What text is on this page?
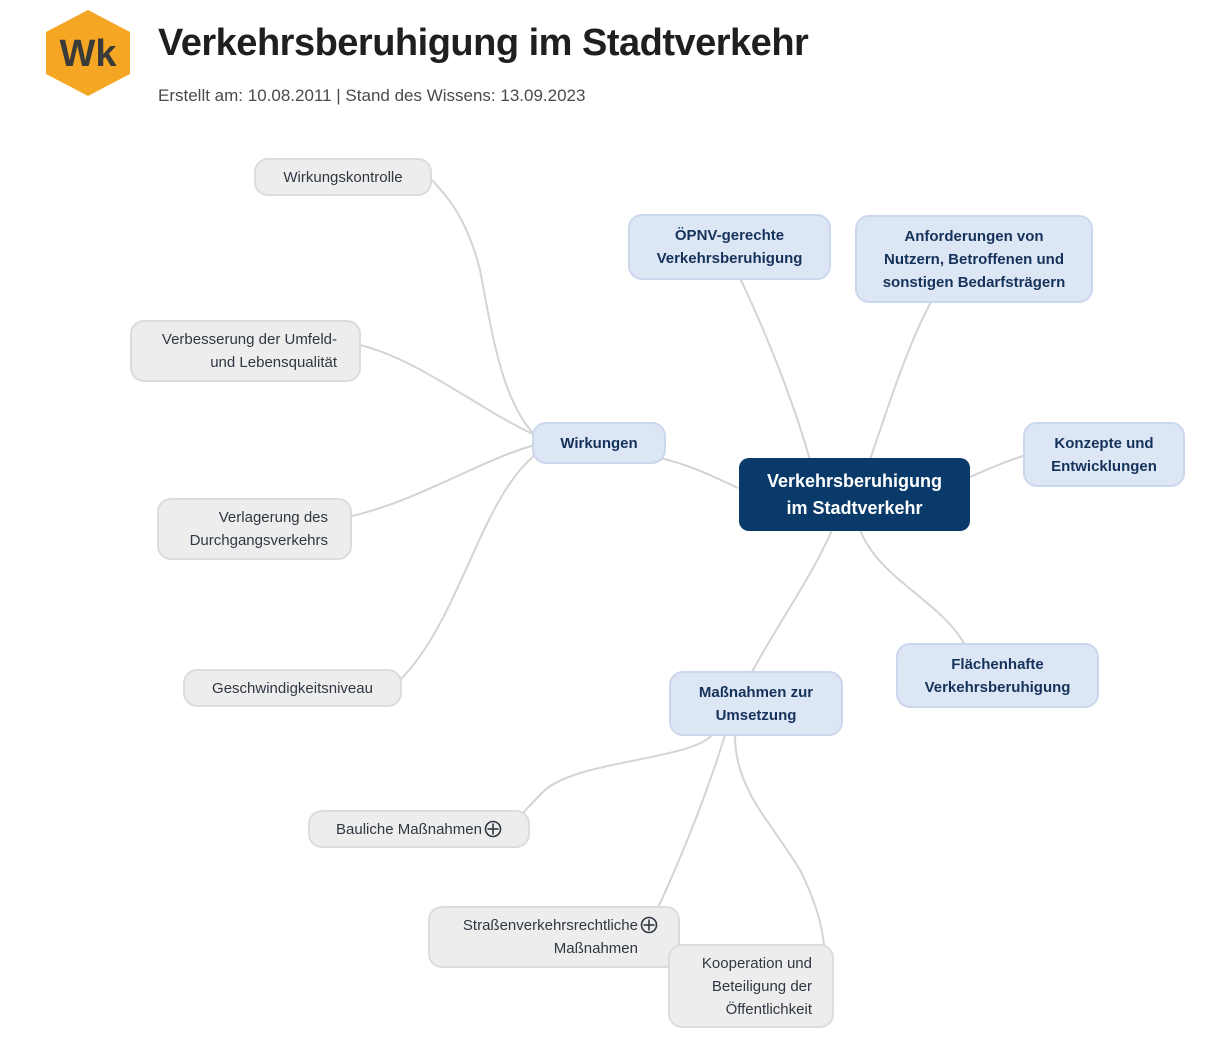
Wk Verkehrsberuhigung im Stadtverkehr
Erstellt am: 10.08.2011 | Stand des Wissens: 13.09.2023
Verkehrsberuhigung
im Stadtverkehr
ÖPNV-gerechte
Verkehrsberuhigung
Anforderungen von
Nutzern, Betroffenen und
sonstigen Bedarfsträgern
Konzepte und
Entwicklungen
Flächenhafte
Verkehrsberuhigung
Maßnahmen zur
Umsetzung
Wirkungen
Wirkungskontrolle
Verbesserung der Umfeld-
und Lebensqualität
Verlagerung des
Durchgangsverkehrs
Geschwindigkeitsniveau
Bauliche Maßnahmen
Straßenverkehrsrechtliche
Maßnahmen
Kooperation und
Beteiligung der
Öffentlichkeit
